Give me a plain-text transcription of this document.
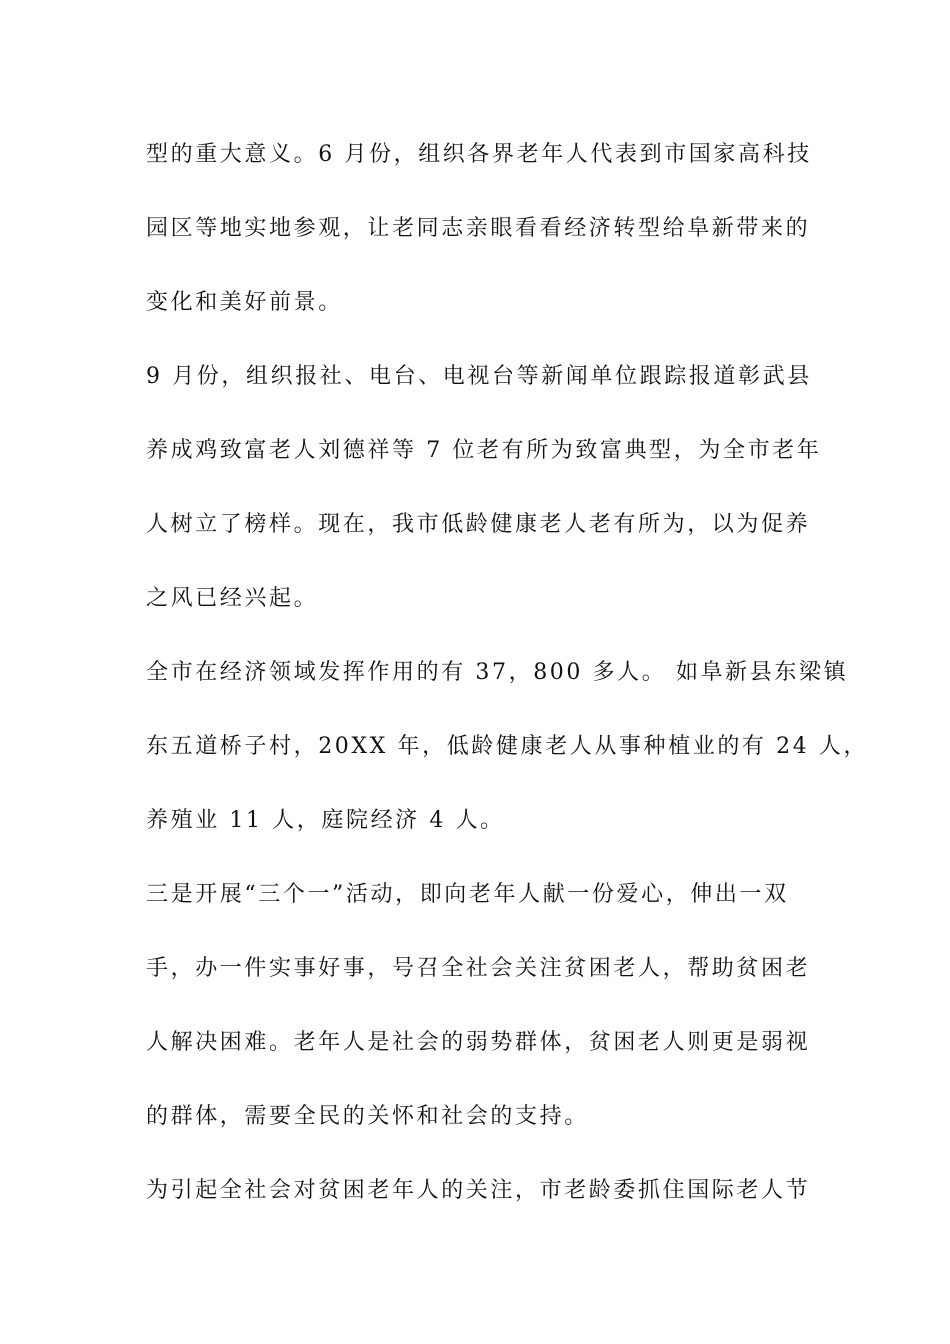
型的重大意义。6 月份，组织各界老年人代表到市国家高科技
园区等地实地参观，让老同志亲眼看看经济转型给阜新带来的
变化和美好前景。
9 月份，组织报社、电台、电视台等新闻单位跟踪报道彰武县
养成鸡致富老人刘德祥等 7 位老有所为致富典型，为全市老年
人树立了榜样。现在，我市低龄健康老人老有所为，以为促养
之风已经兴起。
全市在经济领域发挥作用的有 37，800 多人。 如阜新县东梁镇
东五道桥子村，20XX 年，低龄健康老人从事种植业的有 24 人，
养殖业 11 人，庭院经济 4 人。
三是开展“三个一”活动，即向老年人献一份爱心，伸出一双
手，办一件实事好事，号召全社会关注贫困老人，帮助贫困老
人解决困难。老年人是社会的弱势群体，贫困老人则更是弱视
的群体，需要全民的关怀和社会的支持。
为引起全社会对贫困老年人的关注，市老龄委抓住国际老人节
